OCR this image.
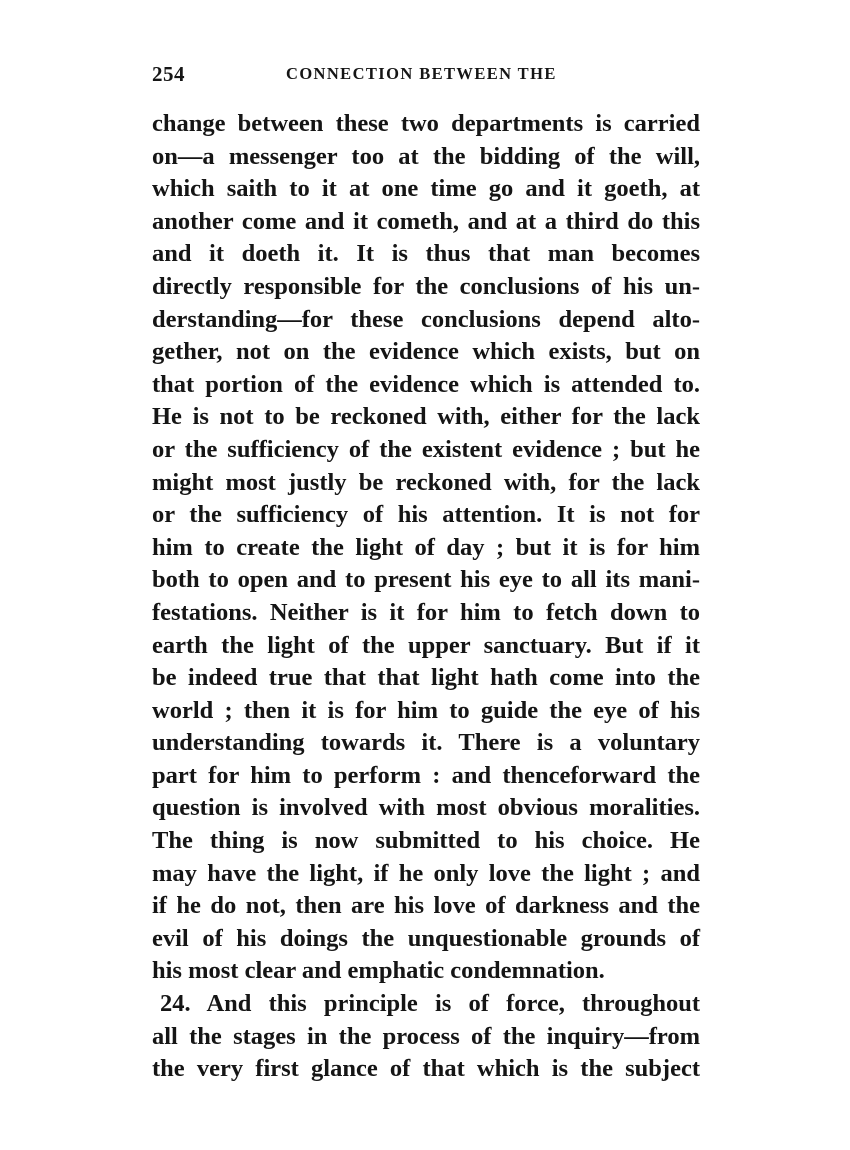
254	CONNECTION BETWEEN THE
change between these two departments is carried
on—a messenger too at the bidding of the will,
which saith to it at one time go and it goeth, at
another come and it cometh, and at a third do this
and it doeth it. It is thus that man becomes
directly responsible for the conclusions of his un-
derstanding—for these conclusions depend alto-
gether, not on the evidence which exists, but on
that portion of the evidence which is attended to.
He is not to be reckoned with, either for the lack
or the sufficiency of the existent evidence ; but he
might most justly be reckoned with, for the lack
or the sufficiency of his attention. It is not for
him to create the light of day ; but it is for him
both to open and to present his eye to all its mani-
festations. Neither is it for him to fetch down to
earth the light of the upper sanctuary. But if it
be indeed true that that light hath come into the
world ; then it is for him to guide the eye of his
understanding towards it. There is a voluntary
part for him to perform : and thenceforward the
question is involved with most obvious moralities.
The thing is now submitted to his choice. He
may have the light, if he only love the light ; and
if he do not, then are his love of darkness and the
evil of his doings the unquestionable grounds of
his most clear and emphatic condemnation.
24. And this principle is of force, throughout
all the stages in the process of the inquiry—from
the very first glance of that which is the subject
